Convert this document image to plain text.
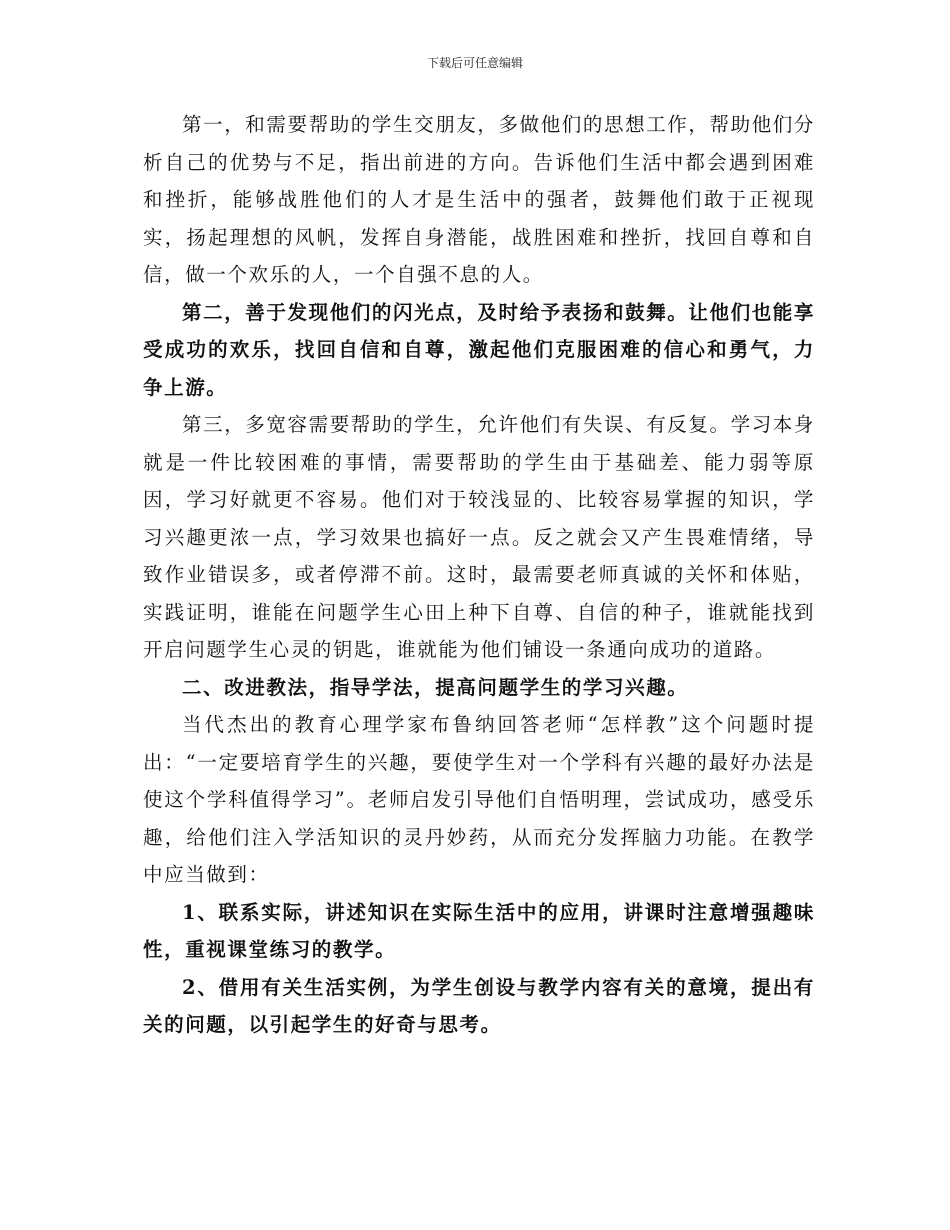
下载后可任意编辑

第一，和需要帮助的学生交朋友，多做他们的思想工作，帮助他们分析自己的优势与不足，指出前进的方向。告诉他们生活中都会遇到困难和挫折，能够战胜他们的人才是生活中的强者，鼓舞他们敢于正视现实，扬起理想的风帆，发挥自身潜能，战胜困难和挫折，找回自尊和自信，做一个欢乐的人，一个自强不息的人。

第二，善于发现他们的闪光点，及时给予表扬和鼓舞。让他们也能享受成功的欢乐，找回自信和自尊，激起他们克服困难的信心和勇气，力争上游。

第三，多宽容需要帮助的学生，允许他们有失误、有反复。学习本身就是一件比较困难的事情，需要帮助的学生由于基础差、能力弱等原因，学习好就更不容易。他们对于较浅显的、比较容易掌握的知识，学习兴趣更浓一点，学习效果也搞好一点。反之就会又产生畏难情绪，导致作业错误多，或者停滞不前。这时，最需要老师真诚的关怀和体贴，实践证明，谁能在问题学生心田上种下自尊、自信的种子，谁就能找到开启问题学生心灵的钥匙，谁就能为他们铺设一条通向成功的道路。

二、改进教法，指导学法，提高问题学生的学习兴趣。

当代杰出的教育心理学家布鲁纳回答老师“怎样教”这个问题时提出：“一定要培育学生的兴趣，要使学生对一个学科有兴趣的最好办法是使这个学科值得学习”。老师启发引导他们自悟明理，尝试成功，感受乐趣，给他们注入学活知识的灵丹妙药，从而充分发挥脑力功能。在教学中应当做到：

1、联系实际，讲述知识在实际生活中的应用，讲课时注意增强趣味性，重视课堂练习的教学。

2、借用有关生活实例，为学生创设与教学内容有关的意境，提出有关的问题，以引起学生的好奇与思考。
